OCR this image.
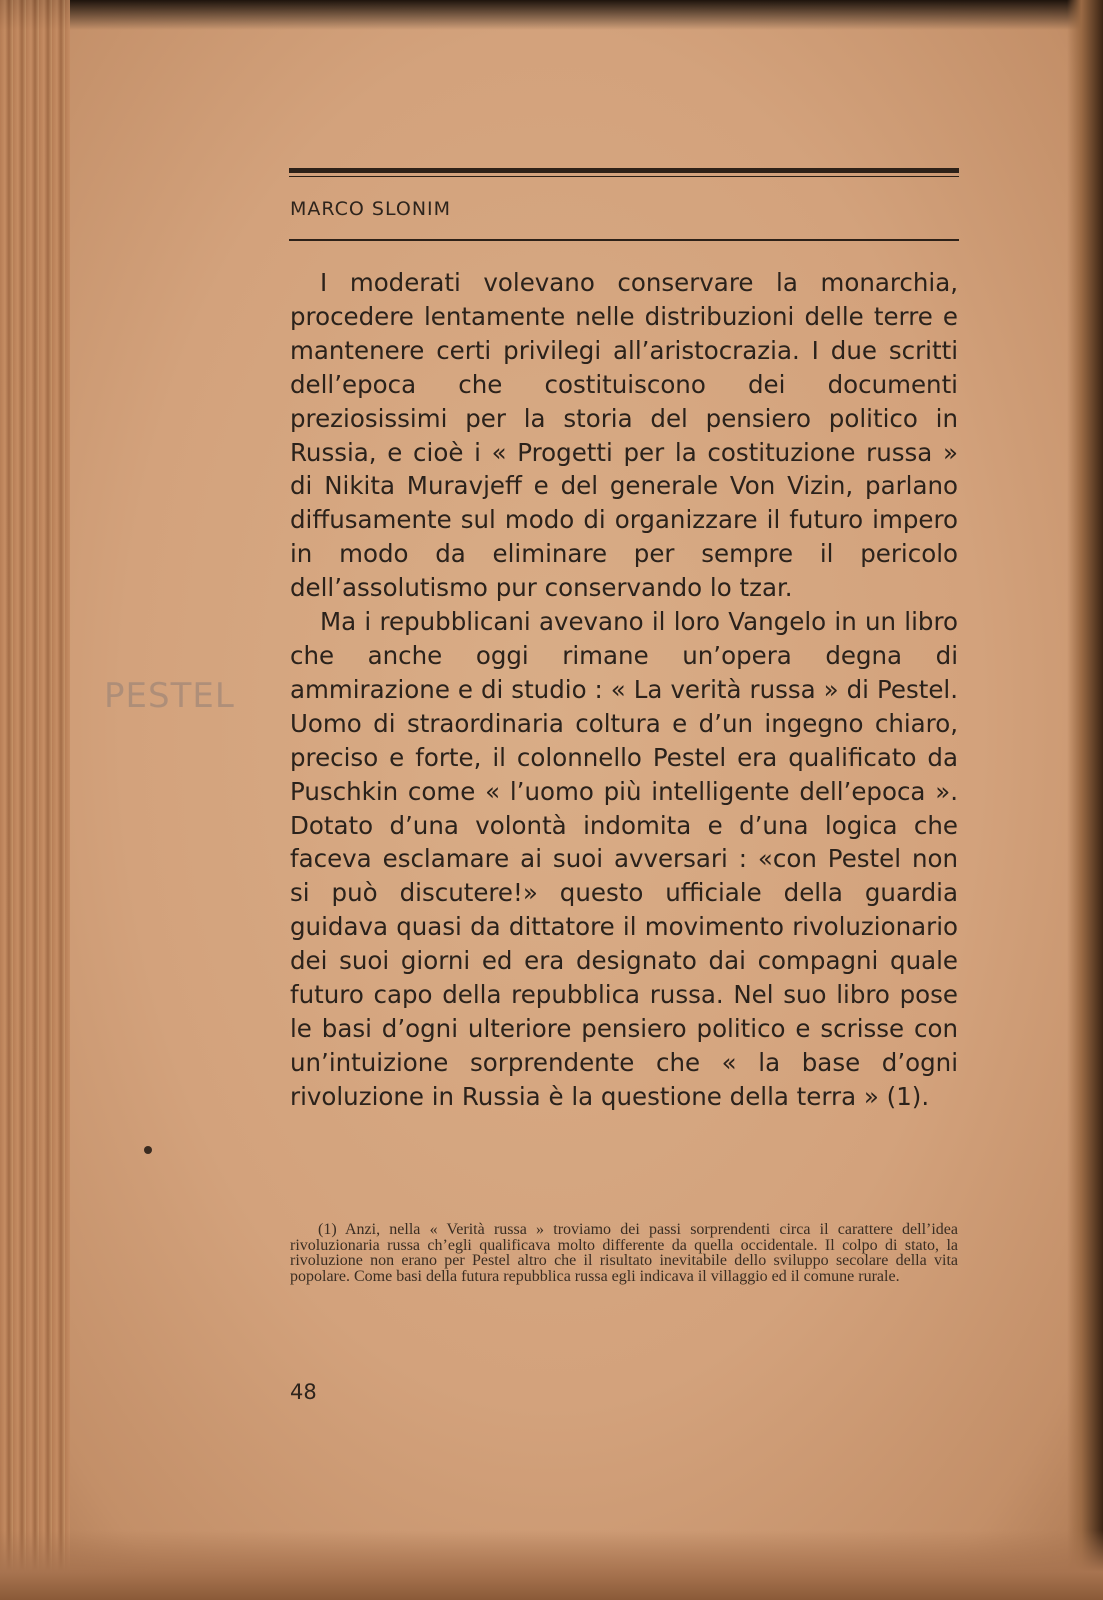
MARCO SLONIM
PESTEL

I moderati volevano conservare la monarchia, procedere lentamente nelle distribuzioni delle terre e mantenere certi privilegi all’aristocrazia. I due scritti dell’epoca che costituiscono dei documenti preziosissimi per la storia del pensiero politico in Russia, e cioè i « Progetti per la costituzione russa » di Nikita Muravjeff e del generale Von Vizin, parlano diffusamente sul modo di organizzare il futuro impero in modo da eliminare per sempre il pericolo dell’assolutismo pur conservando lo tzar.

Ma i repubblicani avevano il loro Vangelo in un libro che anche oggi rimane un’opera degna di ammirazione e di studio : « La verità russa » di Pestel. Uomo di straordinaria coltura e d’un ingegno chiaro, preciso e forte, il colonnello Pestel era qualificato da Puschkin come « l’uomo più intelligente dell’epoca ». Dotato d’una volontà indomita e d’una logica che faceva esclamare ai suoi avversari : «con Pestel non si può discutere!» questo ufficiale della guardia guidava quasi da dittatore il movimento rivoluzionario dei suoi giorni ed era designato dai compagni quale futuro capo della repubblica russa. Nel suo libro pose le basi d’ogni ulteriore pensiero politico e scrisse con un’intuizione sorprendente che « la base d’ogni rivoluzione in Russia è la questione della terra » (1).

(1) Anzi, nella « Verità russa » troviamo dei passi sorprendenti circa il carattere dell’idea rivoluzionaria russa ch’egli qualificava molto differente da quella occidentale. Il colpo di stato, la rivoluzione non erano per Pestel altro che il risultato inevitabile dello sviluppo secolare della vita popolare. Come basi della futura repubblica russa egli indicava il villaggio ed il comune rurale.
48
